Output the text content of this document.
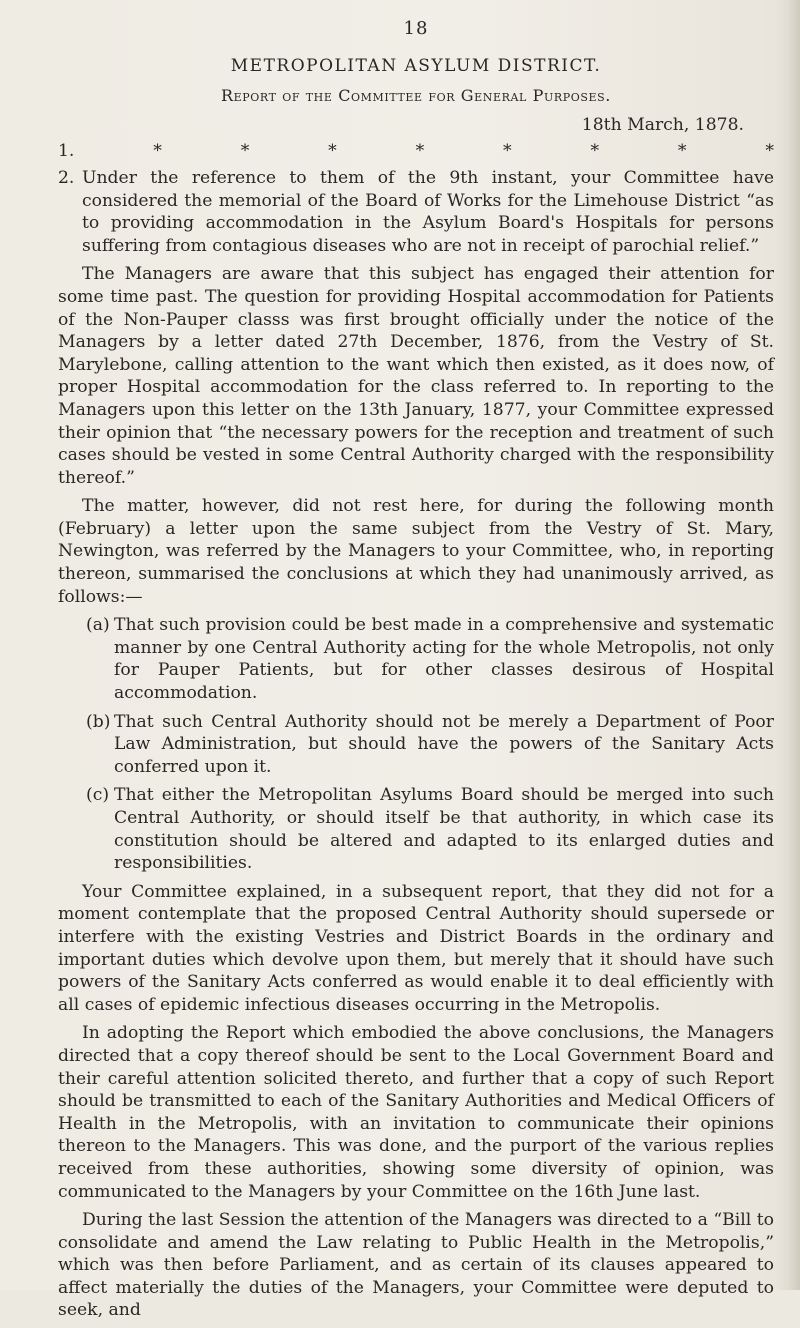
18
METROPOLITAN ASYLUM DISTRICT.
Report of the Committee for General Purposes.
18th March, 1878.
1.	*	*	*	*	*	*	*	*
2. Under the reference to them of the 9th instant, your Committee have considered the memorial of the Board of Works for the Limehouse District “as to providing accommodation in the Asylum Board's Hospitals for persons suffering from contagious diseases who are not in receipt of parochial relief.”

The Managers are aware that this subject has engaged their attention for some time past. The question for providing Hospital accommodation for Patients of the Non-Pauper classs was first brought officially under the notice of the Managers by a letter dated 27th December, 1876, from the Vestry of St. Marylebone, calling attention to the want which then existed, as it does now, of proper Hospital accommodation for the class referred to. In reporting to the Managers upon this letter on the 13th January, 1877, your Committee expressed their opinion that “the necessary powers for the reception and treatment of such cases should be vested in some Central Authority charged with the responsibility thereof.”

The matter, however, did not rest here, for during the following month (February) a letter upon the same subject from the Vestry of St. Mary, Newington, was referred by the Managers to your Committee, who, in reporting thereon, summarised the conclusions at which they had unanimously arrived, as follows:—

(a) That such provision could be best made in a comprehensive and systematic manner by one Central Authority acting for the whole Metropolis, not only for Pauper Patients, but for other classes desirous of Hospital accommodation.
(b) That such Central Authority should not be merely a Department of Poor Law Administration, but should have the powers of the Sanitary Acts conferred upon it.
(c) That either the Metropolitan Asylums Board should be merged into such Central Authority, or should itself be that authority, in which case its constitution should be altered and adapted to its enlarged duties and responsibilities.

Your Committee explained, in a subsequent report, that they did not for a moment contemplate that the proposed Central Authority should supersede or interfere with the existing Vestries and District Boards in the ordinary and important duties which devolve upon them, but merely that it should have such powers of the Sanitary Acts conferred as would enable it to deal efficiently with all cases of epidemic infectious diseases occurring in the Metropolis.

In adopting the Report which embodied the above conclusions, the Managers directed that a copy thereof should be sent to the Local Government Board and their careful attention solicited thereto, and further that a copy of such Report should be transmitted to each of the Sanitary Authorities and Medical Officers of Health in the Metropolis, with an invitation to communicate their opinions thereon to the Managers. This was done, and the purport of the various replies received from these authorities, showing some diversity of opinion, was communicated to the Managers by your Committee on the 16th June last.

During the last Session the attention of the Managers was directed to a “Bill to consolidate and amend the Law relating to Public Health in the Metropolis,” which was then before Parliament, and as certain of its clauses appeared to affect materially the duties of the Managers, your Committee were deputed to seek, and
